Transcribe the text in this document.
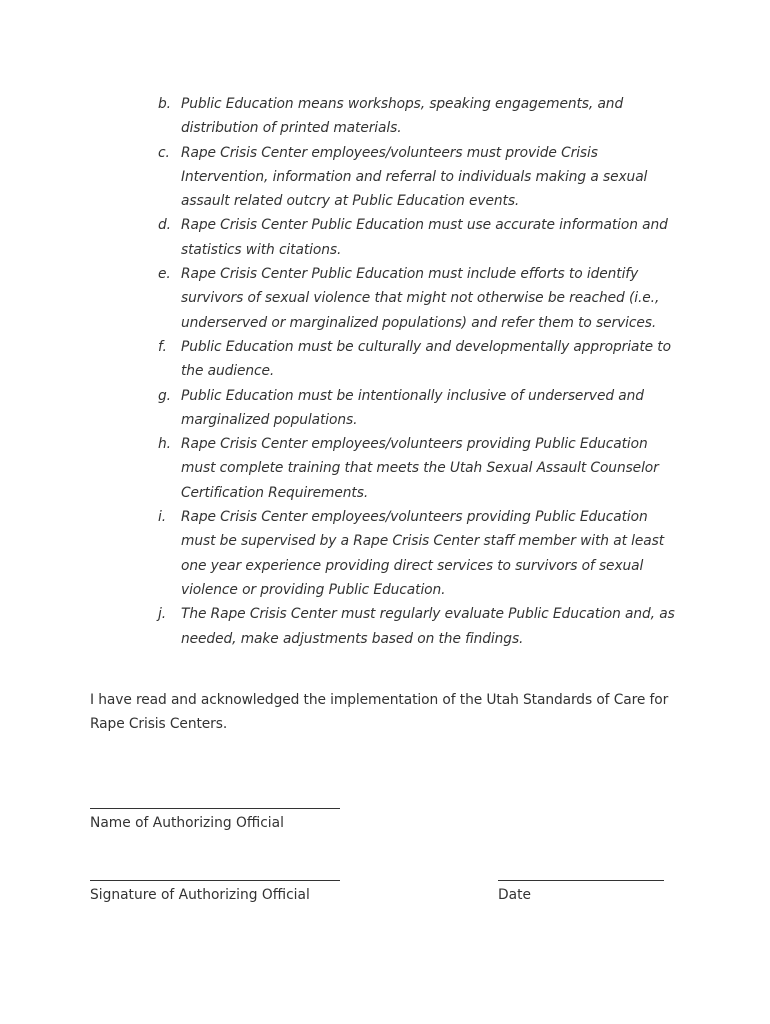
b. Public Education means workshops, speaking engagements, and distribution of printed materials.
c. Rape Crisis Center employees/volunteers must provide Crisis Intervention, information and referral to individuals making a sexual assault related outcry at Public Education events.
d. Rape Crisis Center Public Education must use accurate information and statistics with citations.
e. Rape Crisis Center Public Education must include efforts to identify survivors of sexual violence that might not otherwise be reached (i.e., underserved or marginalized populations) and refer them to services.
f.	Public Education must be culturally and developmentally appropriate to the audience.
g. Public Education must be intentionally inclusive of underserved and marginalized populations.
h. Rape Crisis Center employees/volunteers providing Public Education must complete training that meets the Utah Sexual Assault Counselor Certification Requirements.
i.	Rape Crisis Center employees/volunteers providing Public Education must be supervised by a Rape Crisis Center staff member with at least one year experience providing direct services to survivors of sexual violence or providing Public Education.
j.	The Rape Crisis Center must regularly evaluate Public Education and, as needed, make adjustments based on the findings.

I have read and acknowledged the implementation of the Utah Standards of Care for Rape Crisis Centers.

Name of Authorizing Official
Signature of Authorizing Official	Date
